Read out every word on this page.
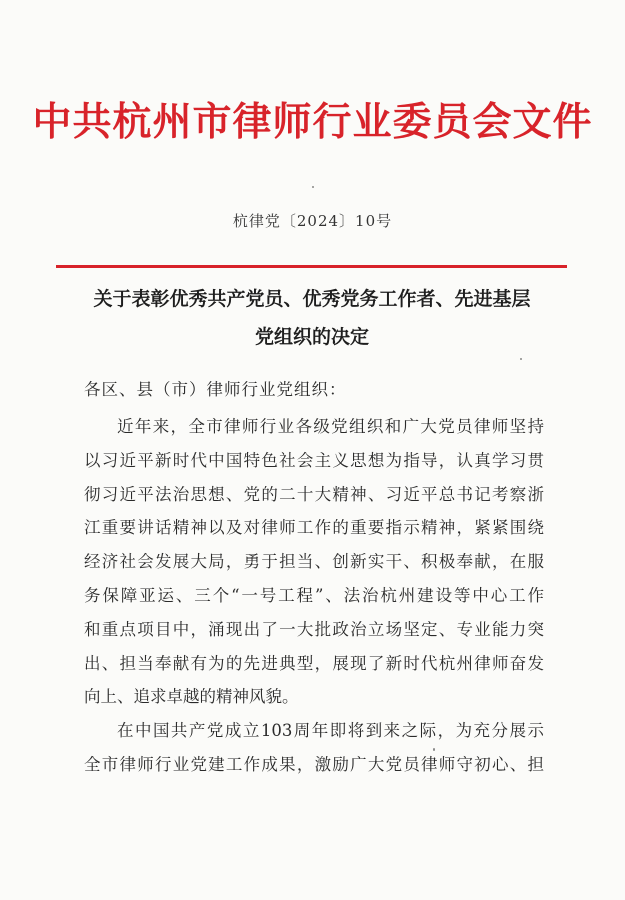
中共杭州市律师行业委员会文件
杭律党〔2024〕10号
关于表彰优秀共产党员、优秀党务工作者、先进基层
党组织的决定
各区、县（市）律师行业党组织：
近年来，全市律师行业各级党组织和广大党员律师坚持
以习近平新时代中国特色社会主义思想为指导，认真学习贯
彻习近平法治思想、党的二十大精神、习近平总书记考察浙
江重要讲话精神以及对律师工作的重要指示精神，紧紧围绕
经济社会发展大局，勇于担当、创新实干、积极奉献，在服
务保障亚运、三个“一号工程”、法治杭州建设等中心工作
和重点项目中，涌现出了一大批政治立场坚定、专业能力突
出、担当奉献有为的先进典型，展现了新时代杭州律师奋发
向上、追求卓越的精神风貌。
在中国共产党成立103周年即将到来之际，为充分展示
全市律师行业党建工作成果，激励广大党员律师守初心、担
